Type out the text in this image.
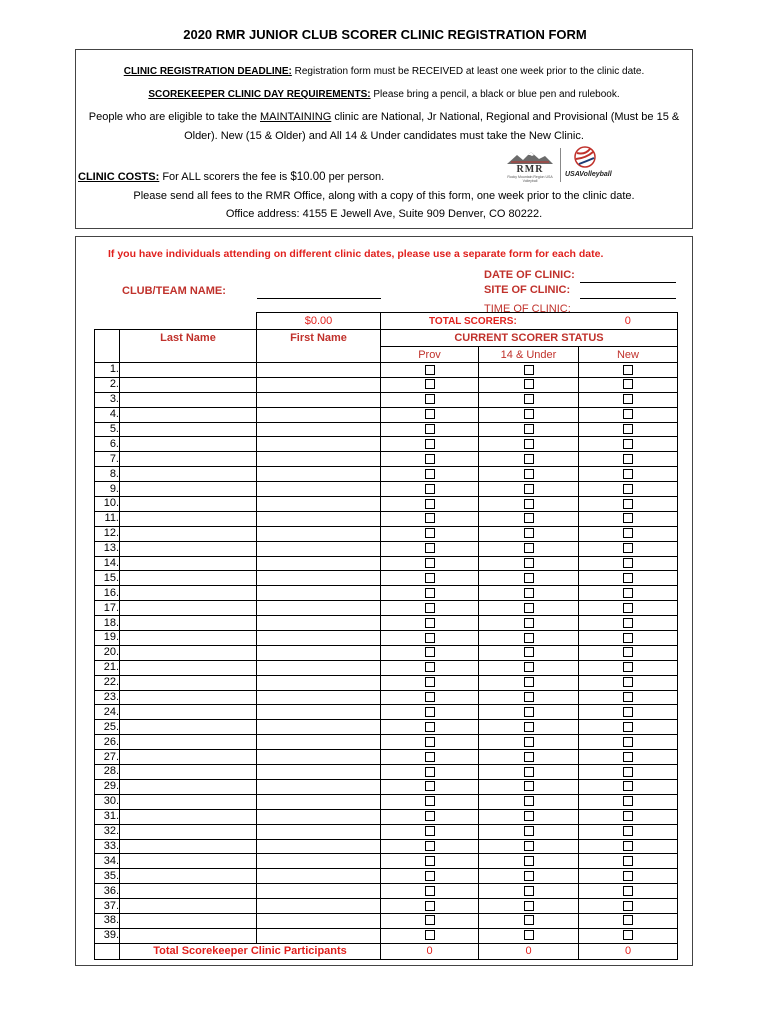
2020 RMR JUNIOR CLUB SCORER CLINIC REGISTRATION FORM
CLINIC REGISTRATION DEADLINE: Registration form must be RECEIVED at least one week prior to the clinic date.
SCOREKEEPER CLINIC DAY REQUIREMENTS: Please bring a pencil, a black or blue pen and rulebook.
People who are eligible to take the MAINTAINING clinic are National, Jr National, Regional and Provisional (Must be 15 & Older). New (15 & Older) and All 14 & Under candidates must take the New Clinic.
RMR
Rocky Mountain Region USA Volleyball
USAVolleyball
CLINIC COSTS: For ALL scorers the fee is $10.00 per person.
Please send all fees to the RMR Office, along with a copy of this form, one week prior to the clinic date.
Office address: 4155 E Jewell Ave, Suite 909 Denver, CO 80222.
If you have individuals attending on different clinic dates, please use a separate form for each date.
CLUB/TEAM NAME:
DATE OF CLINIC:
SITE OF CLINIC:
TIME OF CLINIC:
		$0.00	TOTAL SCORERS:		0
	Last Name	First Name	CURRENT SCORER STATUS		
			Prov	14 & Under	New
1.					
2.					
3.					
4.					
5.					
6.					
7.					
8.					
9.					
10.					
11.					
12.					
13.					
14.					
15.					
16.					
17.					
18.					
19.					
20.					
21.					
22.					
23.					
24.					
25.					
26.					
27.					
28.					
29.					
30.					
31.					
32.					
33.					
34.					
35.					
36.					
37.					
38.					
39.					
	Total Scorekeeper Clinic Participants		0	0	0
